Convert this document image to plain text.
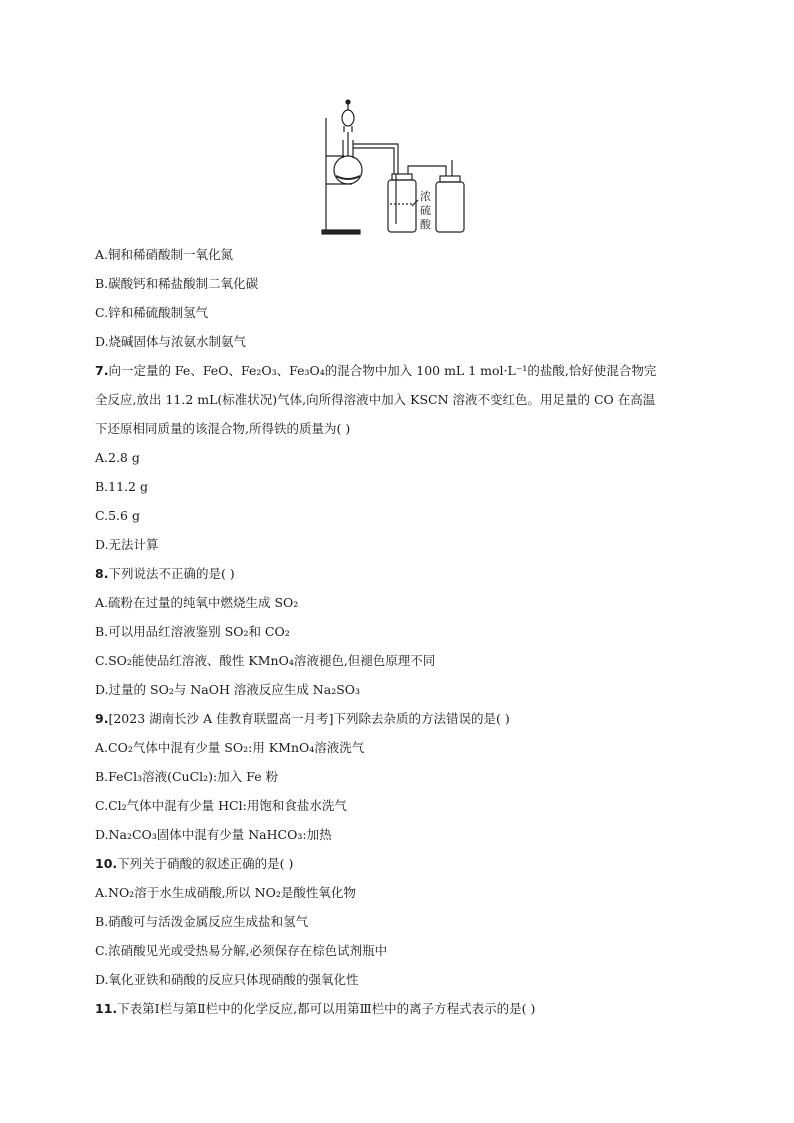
浓
硫
酸
A.铜和稀硝酸制一氧化氮
B.碳酸钙和稀盐酸制二氧化碳
C.锌和稀硫酸制氢气
D.烧碱固体与浓氨水制氨气
7.向一定量的 Fe、FeO、Fe₂O₃、Fe₃O₄的混合物中加入 100 mL 1 mol·L⁻¹的盐酸,恰好使混合物完
全反应,放出 11.2 mL(标准状况)气体,向所得溶液中加入 KSCN 溶液不变红色。用足量的 CO 在高温
下还原相同质量的该混合物,所得铁的质量为( )
A.2.8 g
B.11.2 g
C.5.6 g
D.无法计算
8.下列说法不正确的是( )
A.硫粉在过量的纯氧中燃烧生成 SO₂
B.可以用品红溶液鉴别 SO₂和 CO₂
C.SO₂能使品红溶液、酸性 KMnO₄溶液褪色,但褪色原理不同
D.过量的 SO₂与 NaOH 溶液反应生成 Na₂SO₃
9.[2023 湖南长沙 A 佳教育联盟高一月考]下列除去杂质的方法错误的是( )
A.CO₂气体中混有少量 SO₂:用 KMnO₄溶液洗气
B.FeCl₃溶液(CuCl₂):加入 Fe 粉
C.Cl₂气体中混有少量 HCl:用饱和食盐水洗气
D.Na₂CO₃固体中混有少量 NaHCO₃:加热
10.下列关于硝酸的叙述正确的是( )
A.NO₂溶于水生成硝酸,所以 NO₂是酸性氧化物
B.硝酸可与活泼金属反应生成盐和氢气
C.浓硝酸见光或受热易分解,必须保存在棕色试剂瓶中
D.氧化亚铁和硝酸的反应只体现硝酸的强氧化性
11.下表第Ⅰ栏与第Ⅱ栏中的化学反应,都可以用第Ⅲ栏中的离子方程式表示的是( )
